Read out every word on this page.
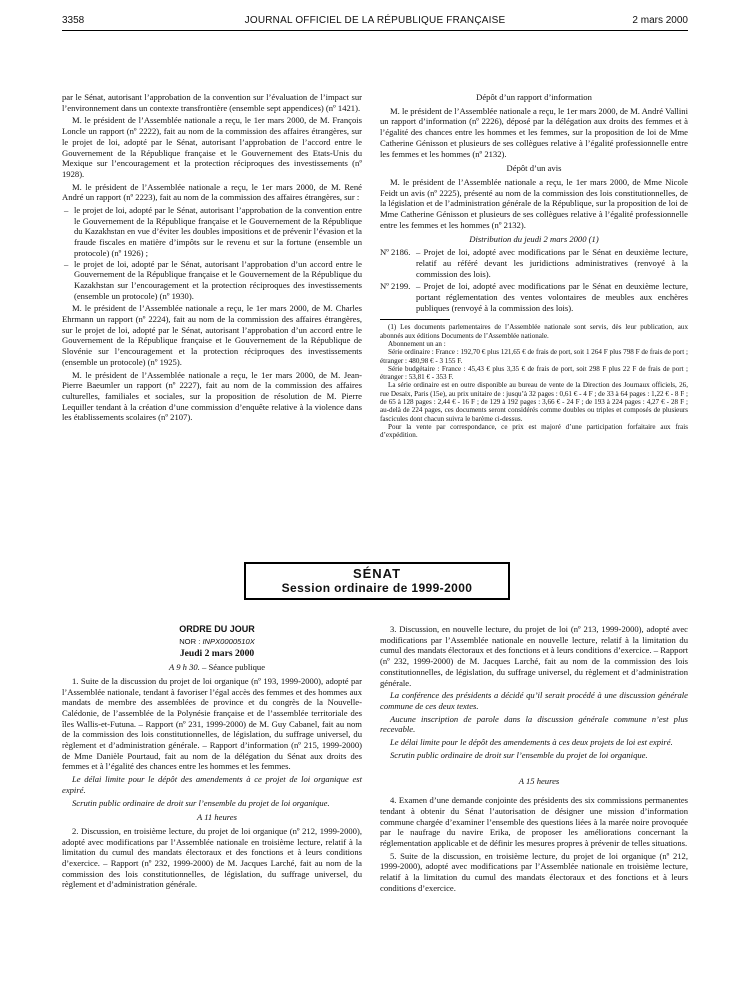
3358	JOURNAL OFFICIEL DE LA RÉPUBLIQUE FRANÇAISE	2 mars 2000

par le Sénat, autorisant l’approbation de la convention sur l’évaluation de l’impact sur l’environnement dans un contexte transfrontière (ensemble sept appendices) (nº 1421).

M. le président de l’Assemblée nationale a reçu, le 1er mars 2000, de M. François Loncle un rapport (nº 2222), fait au nom de la commission des affaires étrangères, sur le projet de loi, adopté par le Sénat, autorisant l’approbation de l’accord entre le Gouvernement de la République française et le Gouvernement des Etats-Unis du Mexique sur l’encouragement et la protection réciproques des investissements (nº 1928).

M. le président de l’Assemblée nationale a reçu, le 1er mars 2000, de M. René André un rapport (nº 2223), fait au nom de la commission des affaires étrangères, sur :

– le projet de loi, adopté par le Sénat, autorisant l’approbation de la convention entre le Gouvernement de la République française et le Gouvernement de la République du Kazakhstan en vue d’éviter les doubles impositions et de prévenir l’évasion et la fraude fiscales en matière d’impôts sur le revenu et sur la fortune (ensemble un protocole) (nº 1926) ;
– le projet de loi, adopté par le Sénat, autorisant l’approbation d’un accord entre le Gouvernement de la République française et le Gouvernement de la République du Kazakhstan sur l’encouragement et la protection réciproques des investissements (ensemble un protocole) (nº 1930).

M. le président de l’Assemblée nationale a reçu, le 1er mars 2000, de M. Charles Ehrmann un rapport (nº 2224), fait au nom de la commission des affaires étrangères, sur le projet de loi, adopté par le Sénat, autorisant l’approbation d’un accord entre le Gouvernement de la République française et le Gouvernement de la République de Slovénie sur l’encouragement et la protection réciproques des investissements (ensemble un protocole) (nº 1925).

M. le président de l’Assemblée nationale a reçu, le 1er mars 2000, de M. Jean-Pierre Baeumler un rapport (nº 2227), fait au nom de la commission des affaires culturelles, familiales et sociales, sur la proposition de résolution de M. Pierre Lequiller tendant à la création d’une commission d’enquête relative à la violence dans les établissements scolaires (nº 2107).

Dépôt d’un rapport d’information

M. le président de l’Assemblée nationale a reçu, le 1er mars 2000, de M. André Vallini un rapport d’information (nº 2226), déposé par la délégation aux droits des femmes et à l’égalité des chances entre les hommes et les femmes, sur la proposition de loi de Mme Catherine Génisson et plusieurs de ses collègues relative à l’égalité professionnelle entre les femmes et les hommes (nº 2132).

Dépôt d’un avis

M. le président de l’Assemblée nationale a reçu, le 1er mars 2000, de Mme Nicole Feidt un avis (nº 2225), présenté au nom de la commission des lois constitutionnelles, de la législation et de l’administration générale de la République, sur la proposition de loi de Mme Catherine Génisson et plusieurs de ses collègues relative à l’égalité professionnelle entre les femmes et les hommes (nº 2132).

Distribution du jeudi 2 mars 2000 (1)

Nº 2186. – Projet de loi, adopté avec modifications par le Sénat en deuxième lecture, relatif au référé devant les juridictions administratives (renvoyé à la commission des lois).
Nº 2199. – Projet de loi, adopté avec modifications par le Sénat en deuxième lecture, portant réglementation des ventes volontaires de meubles aux enchères publiques (renvoyé à la commission des lois).

(1) Les documents parlementaires de l’Assemblée nationale sont servis, dès leur publication, aux abonnés aux éditions Documents de l’Assemblée nationale.

Abonnement un an :

Série ordinaire : France : 192,70 € plus 121,65 € de frais de port, soit 1 264 F plus 798 F de frais de port ; étranger : 480,98 € - 3 155 F.

Série budgétaire : France : 45,43 € plus 3,35 € de frais de port, soit 298 F plus 22 F de frais de port ; étranger : 53,81 € - 353 F.

La série ordinaire est en outre disponible au bureau de vente de la Direction des Journaux officiels, 26, rue Desaix, Paris (15e), au prix unitaire de : jusqu’à 32 pages : 0,61 € - 4 F ; de 33 à 64 pages : 1,22 € - 8 F ; de 65 à 128 pages : 2,44 € - 16 F ; de 129 à 192 pages : 3,66 € - 24 F ; de 193 à 224 pages : 4,27 € - 28 F ; au-delà de 224 pages, ces documents seront considérés comme doubles ou triples et composés de plusieurs fascicules dont chacun suivra le barème ci-dessus.

Pour la vente par correspondance, ce prix est majoré d’une participation forfaitaire aux frais d’expédition.

SÉNAT
Session ordinaire de 1999-2000

ORDRE DU JOUR

NOR : INPX0000510X

Jeudi 2 mars 2000

A 9 h 30. – Séance publique

1. Suite de la discussion du projet de loi organique (nº 193, 1999-2000), adopté par l’Assemblée nationale, tendant à favoriser l’égal accès des femmes et des hommes aux mandats de membre des assemblées de province et du congrès de la Nouvelle-Calédonie, de l’assemblée de la Polynésie française et de l’assemblée territoriale des îles Wallis-et-Futuna. – Rapport (nº 231, 1999-2000) de M. Guy Cabanel, fait au nom de la commission des lois constitutionnelles, de législation, du suffrage universel, du règlement et d’administration générale. – Rapport d’information (nº 215, 1999-2000) de Mme Danièle Pourtaud, fait au nom de la délégation du Sénat aux droits des femmes et à l’égalité des chances entre les hommes et les femmes.

Le délai limite pour le dépôt des amendements à ce projet de loi organique est expiré.

Scrutin public ordinaire de droit sur l’ensemble du projet de loi organique.

A 11 heures

2. Discussion, en troisième lecture, du projet de loi organique (nº 212, 1999-2000), adopté avec modifications par l’Assemblée nationale en troisième lecture, relatif à la limitation du cumul des mandats électoraux et des fonctions et à leurs conditions d’exercice. – Rapport (nº 232, 1999-2000) de M. Jacques Larché, fait au nom de la commission des lois constitutionnelles, de législation, du suffrage universel, du règlement et d’administration générale.

3. Discussion, en nouvelle lecture, du projet de loi (nº 213, 1999-2000), adopté avec modifications par l’Assemblée nationale en nouvelle lecture, relatif à la limitation du cumul des mandats électoraux et des fonctions et à leurs conditions d’exercice. – Rapport (nº 232, 1999-2000) de M. Jacques Larché, fait au nom de la commission des lois constitutionnelles, de législation, du suffrage universel, du règlement et d’administration générale.

La conférence des présidents a décidé qu’il serait procédé à une discussion générale commune de ces deux textes.

Aucune inscription de parole dans la discussion générale commune n’est plus recevable.

Le délai limite pour le dépôt des amendements à ces deux projets de loi est expiré.

Scrutin public ordinaire de droit sur l’ensemble du projet de loi organique.

A 15 heures

4. Examen d’une demande conjointe des présidents des six commissions permanentes tendant à obtenir du Sénat l’autorisation de désigner une mission d’information commune chargée d’examiner l’ensemble des questions liées à la marée noire provoquée par le naufrage du navire Erika, de proposer les améliorations concernant la réglementation applicable et de définir les mesures propres à prévenir de telles situations.

5. Suite de la discussion, en troisième lecture, du projet de loi organique (nº 212, 1999-2000), adopté avec modifications par l’Assemblée nationale en troisième lecture, relatif à la limitation du cumul des mandats électoraux et des fonctions et à leurs conditions d’exercice.
